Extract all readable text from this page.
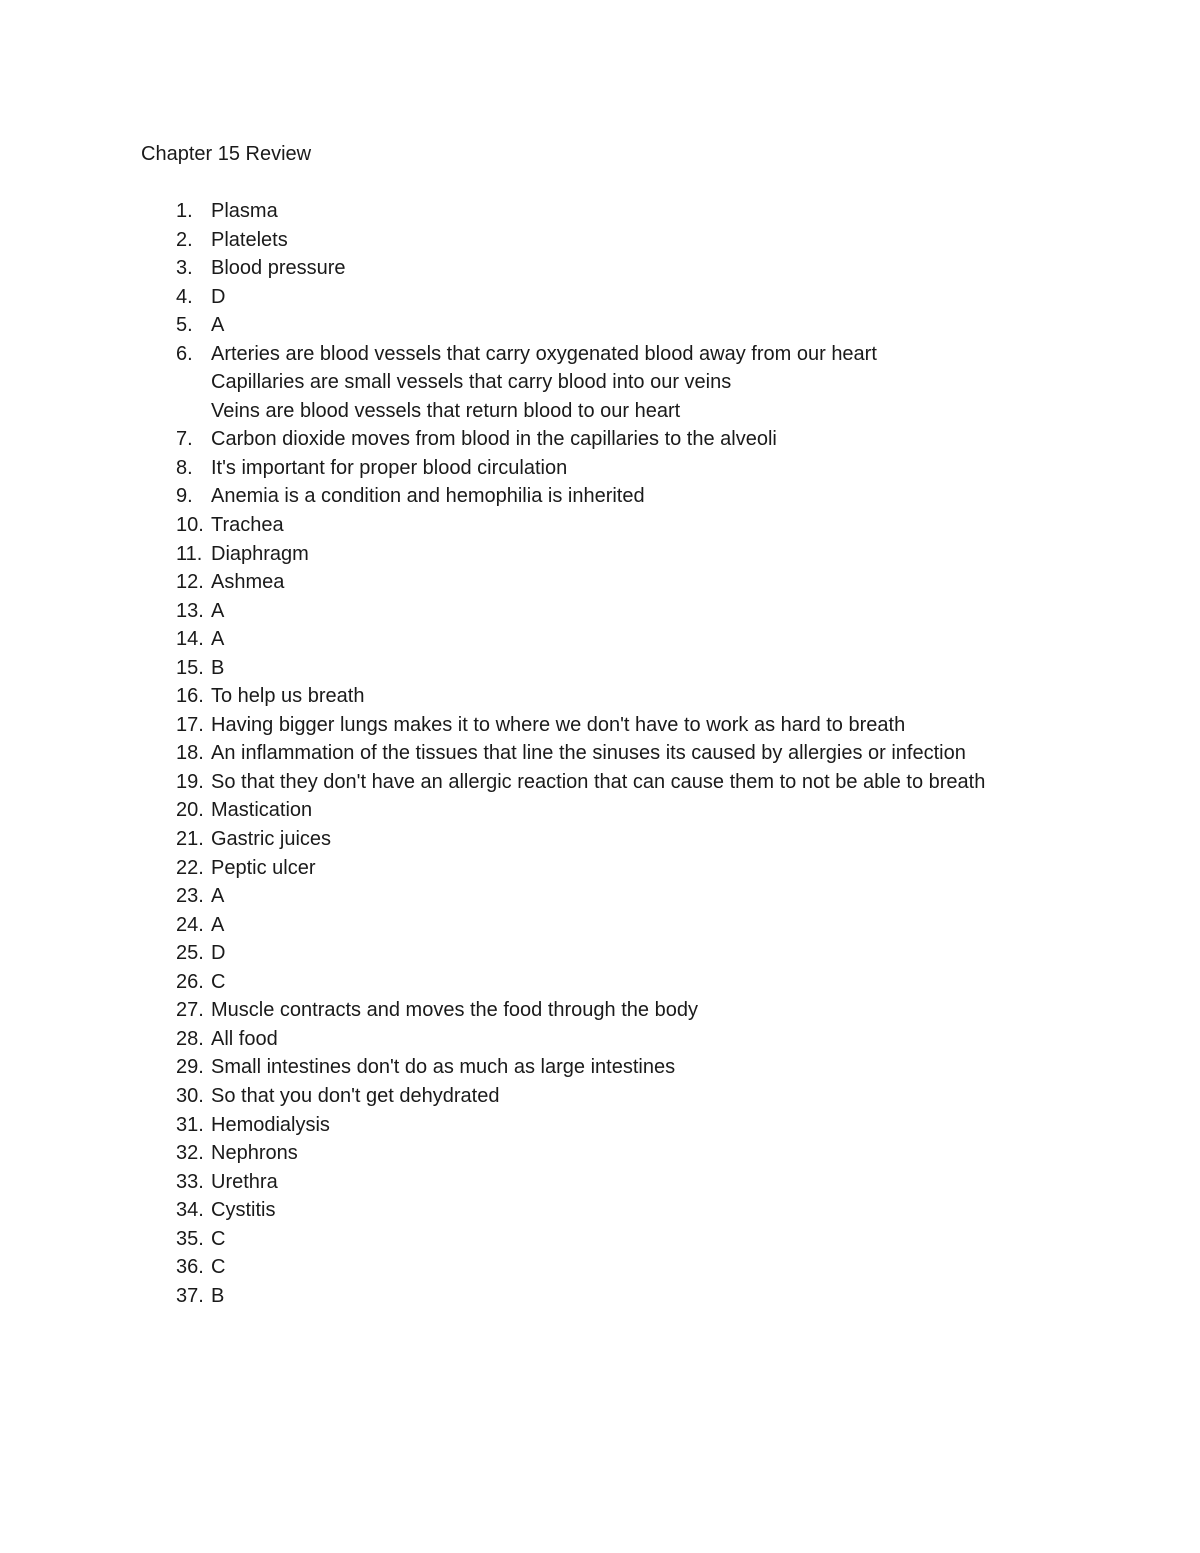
Chapter 15 Review
1. Plasma
2. Platelets
3. Blood pressure
4. D
5. A
6. Arteries are blood vessels that carry oxygenated blood away from our heart
Capillaries are small vessels that carry blood into our veins
Veins are blood vessels that return blood to our heart
7. Carbon dioxide moves from blood in the capillaries to the alveoli
8. It's important for proper blood circulation
9. Anemia is a condition and hemophilia is inherited
10. Trachea
11. Diaphragm
12. Ashmea
13. A
14. A
15. B
16. To help us breath
17. Having bigger lungs makes it to where we don't have to work as hard to breath
18. An inflammation of the tissues that line the sinuses its caused by allergies or infection
19. So that they don't have an allergic reaction that can cause them to not be able to breath
20. Mastication
21. Gastric juices
22. Peptic ulcer
23. A
24. A
25. D
26. C
27. Muscle contracts and moves the food through the body
28. All food
29. Small intestines don't do as much as large intestines
30. So that you don't get dehydrated
31. Hemodialysis
32. Nephrons
33. Urethra
34. Cystitis
35. C
36. C
37. B
